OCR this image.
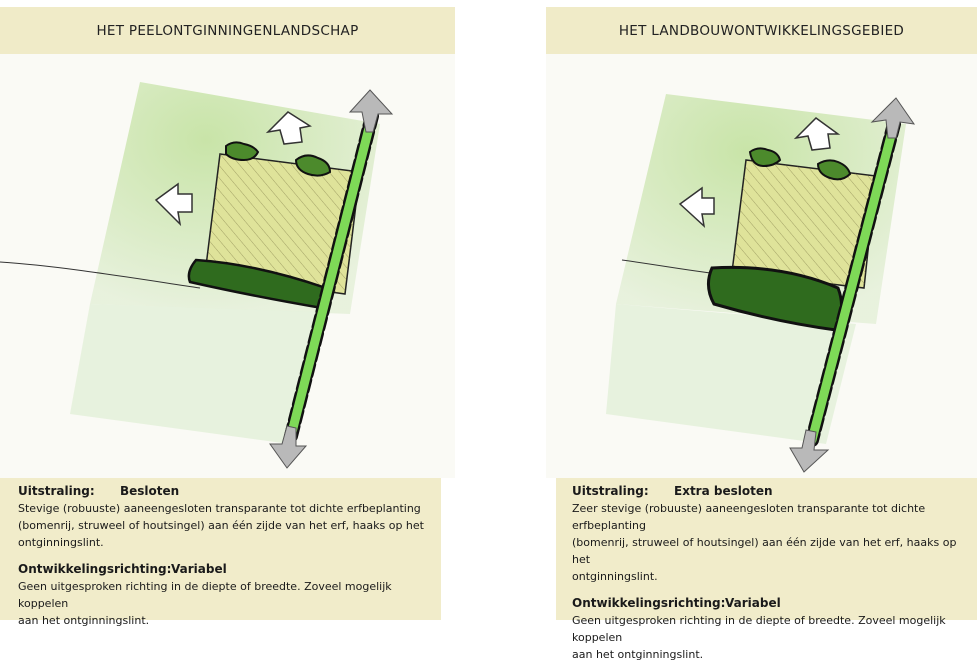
HET PEELONTGINNINGENLANDSCHAP
Uitstraling: Besloten
Stevige (robuuste) aaneengesloten transparante tot dichte erfbeplanting
(bomenrij, struweel of houtsingel) aan één zijde van het erf, haaks op het
ontginningslint.
Ontwikkelingsrichting:Variabel
Geen uitgesproken richting in de diepte of breedte. Zoveel mogelijk koppelen
aan het ontginningslint.
HET LANDBOUWONTWIKKELINGSGEBIED
Uitstraling: Extra besloten
Zeer stevige (robuuste) aaneengesloten transparante tot dichte erfbeplanting
(bomenrij, struweel of houtsingel) aan één zijde van het erf, haaks op het
ontginningslint.
Ontwikkelingsrichting:Variabel
Geen uitgesproken richting in de diepte of breedte. Zoveel mogelijk koppelen
aan het ontginningslint.
